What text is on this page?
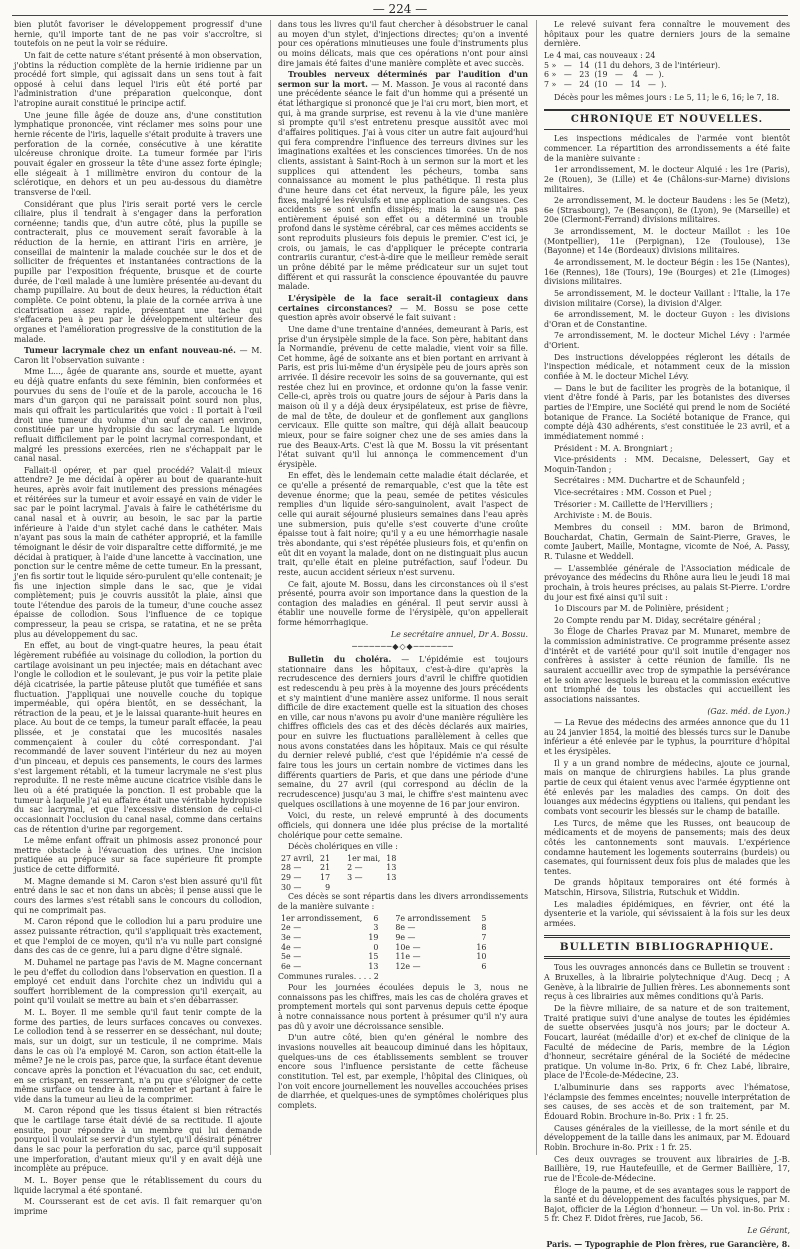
— 224 —

bien plutôt favoriser le développement progressif d'une hernie, qu'il importe tant de ne pas voir s'accroître, si toutefois on ne peut la voir se réduire.

Un fait de cette nature s'étant présenté à mon observation, j'obtins la réduction complète de la hernie iridienne par un procédé fort simple, qui agissait dans un sens tout à fait opposé à celui dans lequel l'iris eût été porté par l'administration d'une préparation quelconque, dont l'atropine aurait constitué le principe actif.

Une jeune fille âgée de douze ans, d'une constitution lymphatique prononcée, vint réclamer mes soins pour une hernie récente de l'iris, laquelle s'était produite à travers une perforation de la cornée, consécutive à une kératite ulcéreuse chronique droite. La tumeur formée par l'iris pouvait égaler en grosseur la tête d'une assez forte épingle; elle siégeait à 1 millimètre environ du contour de la sclérotique, en dehors et un peu au-dessous du diamètre transverse de l'œil.

Considérant que plus l'iris serait porté vers le cercle ciliaire, plus il tendrait à s'engager dans la perforation cornéenne; tandis que, d'un autre côté, plus la pupille se contracterait, plus ce mouvement serait favorable à la réduction de la hernie, en attirant l'iris en arrière, je conseillai de maintenir la malade couchée sur le dos et de solliciter de fréquentes et instantanées contractions de la pupille par l'exposition fréquente, brusque et de courte durée, de l'œil malade à une lumière présentée au-devant du champ pupillaire. Au bout de deux heures, la réduction était complète. Ce point obtenu, la plaie de la cornée arriva à une cicatrisation assez rapide, présentant une tache qui s'effacera peu à peu par le développement ultérieur des organes et l'amélioration progressive de la constitution de la malade.

Tumeur lacrymale chez un enfant nouveau-né. — M. Caron lit l'observation suivante :

Mme L..., âgée de quarante ans, sourde et muette, ayant eu déjà quatre enfants du sexe féminin, bien conformées et pourvues du sens de l'ouïe et de la parole, accoucha le 16 mars d'un garçon qui ne paraissait point sourd non plus, mais qui offrait les particularités que voici : Il portait à l'œil droit une tumeur du volume d'un œuf de canari environ, constituée par une hydropisie du sac lacrymal. Le liquide refluait difficilement par le point lacrymal correspondant, et malgré les pressions exercées, rien ne s'échappait par le canal nasal.

Fallait-il opérer, et par quel procédé? Valait-il mieux attendre? Je me décidai à opérer au bout de quarante-huit heures, après avoir fait inutilement des pressions ménagées et réitérées sur la tumeur et avoir essayé en vain de vider le sac par le point lacrymal. J'avais à faire le cathétérisme du canal nasal et à ouvrir, au besoin, le sac par la partie inférieure à l'aide d'un stylet caché dans le cathéter. Mais n'ayant pas sous la main de cathéter approprié, et la famille témoignant le désir de voir disparaître cette difformité, je me décidai à pratiquer, à l'aide d'une lancette à vaccination, une ponction sur le centre même de cette tumeur. En la pressant, j'en fis sortir tout le liquide séro-purulent qu'elle contenait; je fis une injection simple dans le sac, que je vidai complètement; puis je couvris aussitôt la plaie, ainsi que toute l'étendue des parois de la tumeur, d'une couche assez épaisse de collodion. Sous l'influence de ce topique compresseur, la peau se crispa, se ratatina, et ne se prêta plus au développement du sac.

En effet, au bout de vingt-quatre heures, la peau était légèrement rubéfiée au voisinage du collodion, la portion du cartilage avoisinant un peu injectée; mais en détachant avec l'ongle le collodion et le soulevant, je pus voir la petite plaie déjà cicatrisée, la partie pâteuse plutôt que tuméfiée et sans fluctuation. J'appliquai une nouvelle couche du topique imperméable, qui opéra bientôt, en se desséchant, la rétraction de la peau, et je le laissai quarante-huit heures en place. Au bout de ce temps, la tumeur paraît effacée, la peau plissée, et je constatai que les mucosités nasales commençaient à couler du côté correspondant. J'ai recommandé de laver souvent l'intérieur du nez au moyen d'un pinceau, et depuis ces pansements, le cours des larmes s'est largement rétabli, et la tumeur lacrymale ne s'est plus reproduite. Il ne reste même aucune cicatrice visible dans le lieu où a été pratiquée la ponction. Il est probable que la tumeur à laquelle j'ai eu affaire était une véritable hydropisie du sac lacrymal, et que l'excessive distension de celui-ci occasionnait l'occlusion du canal nasal, comme dans certains cas de rétention d'urine par regorgement.

Le même enfant offrait un phimosis assez prononcé pour mettre obstacle à l'évacuation des urines. Une incision pratiquée au prépuce sur sa face supérieure fit prompte justice de cette difformité.

M. Magne demande si M. Caron s'est bien assuré qu'il fût entré dans le sac et non dans un abcès; il pense aussi que le cours des larmes s'est rétabli sans le concours du collodion, qui ne comprimait pas.

M. Caron répond que le collodion lui a paru produire une assez puissante rétraction, qu'il s'appliquait très exactement, et que l'emploi de ce moyen, qu'il n'a vu nulle part consigné dans des cas de ce genre, lui a paru digne d'être signalé.

M. Duhamel ne partage pas l'avis de M. Magne concernant le peu d'effet du collodion dans l'observation en question. Il a employé cet enduit dans l'orchite chez un individu qui a souffert horriblement de la compression qu'il exerçait, au point qu'il voulait se mettre au bain et s'en débarrasser.

M. L. Boyer. Il me semble qu'il faut tenir compte de la forme des parties, de leurs surfaces concaves ou convexes. Le collodion tend à se resserrer en se desséchant, nul doute; mais, sur un doigt, sur un testicule, il ne comprime. Mais dans le cas où l'a employé M. Caron, son action était-elle la même? Je ne le crois pas, parce que, la surface étant devenue concave après la ponction et l'évacuation du sac, cet enduit, en se crispant, en resserrant, n'a pu que s'éloigner de cette même surface ou tendre à la remonter et partant à faire le vide dans la tumeur au lieu de la comprimer.

M. Caron répond que les tissus étaient si bien rétractés que le cartilage tarse était dévié de sa rectitude. Il ajoute ensuite, pour répondre à un membre qui lui demande pourquoi il voulait se servir d'un stylet, qu'il désirait pénétrer dans le sac pour la perforation du sac, parce qu'il supposait une imperforation, d'autant mieux qu'il y en avait déjà une incomplète au prépuce.

M. L. Boyer pense que le rétablissement du cours du liquide lacrymal a été spontané.

M. Coursserant est de cet avis. Il fait remarquer qu'on imprime

dans tous les livres qu'il faut chercher à désobstruer le canal au moyen d'un stylet, d'injections directes; qu'on a inventé pour ces opérations minutieuses une foule d'instruments plus ou moins délicats, mais que ces opérations n'ont pour ainsi dire jamais été faites d'une manière complète et avec succès.

Troubles nerveux déterminés par l'audition d'un sermon sur la mort. — M. Masson. Je vous ai raconté dans une précédente séance le fait d'un homme qui a présenté un état léthargique si prononcé que je l'ai cru mort, bien mort, et qui, à ma grande surprise, est revenu à la vie d'une manière si prompte qu'il s'est entretenu presque aussitôt avec moi d'affaires politiques. J'ai à vous citer un autre fait aujourd'hui qui fera comprendre l'influence des terreurs divines sur les imaginations exaltées et les consciences timorées. Un de nos clients, assistant à Saint-Roch à un sermon sur la mort et les supplices qui attendent les pécheurs, tomba sans connaissance au moment le plus pathétique. Il resta plus d'une heure dans cet état nerveux, la figure pâle, les yeux fixes, malgré les révulsifs et une application de sangsues. Ces accidents se sont enfin dissipés; mais la cause n'a pas entièrement épuisé son effet ou a déterminé un trouble profond dans le système cérébral, car ces mêmes accidents se sont reproduits plusieurs fois depuis le premier. C'est ici, je crois, ou jamais, le cas d'appliquer le précepte contraria contrariis curantur, c'est-à-dire que le meilleur remède serait un prône débité par le même prédicateur sur un sujet tout différent et qui rassurât la conscience épouvantée du pauvre malade.

L'érysipèle de la face serait-il contagieux dans certaines circonstances? — M. Bossu se pose cette question après avoir observé le fait suivant :

Une dame d'une trentaine d'années, demeurant à Paris, est prise d'un érysipèle simple de la face. Son père, habitant dans la Normandie, prévenu de cette maladie, vient voir sa fille. Cet homme, âgé de soixante ans et bien portant en arrivant à Paris, est pris lui-même d'un érysipèle peu de jours après son arrivée. Il désire recevoir les soins de sa gouvernante, qui est restée chez lui en province, et ordonne qu'on la fasse venir. Celle-ci, après trois ou quatre jours de séjour à Paris dans la maison où il y a déjà deux érysipélateux, est prise de fièvre, de mal de tête, de douleur et de gonflement aux ganglions cervicaux. Elle quitte son maître, qui déjà allait beaucoup mieux, pour se faire soigner chez une de ses amies dans la rue des Beaux-Arts. C'est là que M. Bossu la vit présentant l'état suivant qu'il lui annonça le commencement d'un érysipèle.

En effet, dès le lendemain cette maladie était déclarée, et ce qu'elle a présenté de remarquable, c'est que la tête est devenue énorme; que la peau, semée de petites vésicules remplies d'un liquide séro-sanguinolent, avait l'aspect de celle qui aurait séjourné plusieurs semaines dans l'eau après une submersion, puis qu'elle s'est couverte d'une croûte épaisse tout à fait noire; qu'il y a eu une hémorrhagie nasale très abondante, qui s'est répétée plusieurs fois, et qu'enfin on eût dit en voyant la malade, dont on ne distinguait plus aucun trait, qu'elle était en pleine putréfaction, sauf l'odeur. Du reste, aucun accident sérieux n'est survenu.

Ce fait, ajoute M. Bossu, dans les circonstances où il s'est présenté, pourra avoir son importance dans la question de la contagion des maladies en général. Il peut servir aussi à établir une nouvelle forme de l'érysipèle, qu'on appellerait forme hémorrhagique.

Le secrétaire annuel, Dr A. Bossu.

───────◆◇◆───────

Bulletin du choléra. — L'épidémie est toujours stationnaire dans les hôpitaux, c'est-à-dire qu'après la recrudescence des derniers jours d'avril le chiffre quotidien est redescendu à peu près à la moyenne des jours précédents et s'y maintient d'une manière assez uniforme. Il nous serait difficile de dire exactement quelle est la situation des choses en ville, car nous n'avons pu avoir d'une manière régulière les chiffres officiels des cas et des décès déclarés aux mairies, pour en suivre les fluctuations parallèlement à celles que nous avons constatées dans les hôpitaux. Mais ce qui résulte du dernier relevé publié, c'est que l'épidémie n'a cessé de faire tous les jours un certain nombre de victimes dans les différents quartiers de Paris, et que dans une période d'une semaine, du 27 avril (qui correspond au déclin de la recrudescence) jusqu'au 3 mai, le chiffre s'est maintenu avec quelques oscillations à une moyenne de 16 par jour environ.

Voici, du reste, un relevé emprunté à des documents officiels, qui donnera une idée plus précise de la mortalité cholérique pour cette semaine.

Décès cholériques en ville :

27 avril,	21	1er mai,	18
28 —	21	2 —	13
29 —	17	3 —	13
30 —	9		

Ces décès se sont répartis dans les divers arrondissements de la manière suivante :

1er arrondissement,	6	7e arrondissement	5
2e —	3	8e —	8
3e —	19	9e —	7
4e —	0	10e —	16
5e —	15	11e —	10
6e —	13	12e —	6

Communes rurales. . . . 2

Pour les journées écoulées depuis le 3, nous ne connaissons pas les chiffres, mais les cas de choléra graves et promptement mortels qui sont parvenus depuis cette époque à notre connaissance nous portent à présumer qu'il n'y aura pas dû y avoir une décroissance sensible.

D'un autre côté, bien qu'en général le nombre des invasions nouvelles ait beaucoup diminué dans les hôpitaux, quelques-uns de ces établissements semblent se trouver encore sous l'influence persistante de cette fâcheuse constitution. Tel est, par exemple, l'hôpital des Cliniques, où l'on voit encore journellement les nouvelles accouchées prises de diarrhée, et quelques-unes de symptômes cholériques plus complets.

Le relevé suivant fera connaître le mouvement des hôpitaux pour les quatre derniers jours de la semaine dernière.

Le 4 mai, cas nouveaux : 24
5 »   —   14  (11 du dehors, 3 de l'intérieur).
6 »   —   23  (19   —    4   —  ).
7 »   —   24  (10   —   14   —  ).

Décès pour les mêmes jours : Le 5, 11; le 6, 16; le 7, 18.

CHRONIQUE ET NOUVELLES.

Les inspections médicales de l'armée vont bientôt commencer. La répartition des arrondissements a été faite de la manière suivante :

1er arrondissement, M. le docteur Alquié : les 1re (Paris), 2e (Rouen), 3e (Lille) et 4e (Châlons-sur-Marne) divisions militaires.

2e arrondissement, M. le docteur Baudens : les 5e (Metz), 6e (Strasbourg), 7e (Besançon), 8e (Lyon), 9e (Marseille) et 20e (Clermont-Ferrand) divisions militaires.

3e arrondissement, M. le docteur Maillot : les 10e (Montpellier), 11e (Perpignan), 12e (Toulouse), 13e (Bayonne) et 14e (Bordeaux) divisions militaires.

4e arrondissement, M. le docteur Bégin : les 15e (Nantes), 16e (Rennes), 18e (Tours), 19e (Bourges) et 21e (Limoges) divisions militaires.

5e arrondissement, M. le docteur Vaillant : l'Italie, la 17e division militaire (Corse), la division d'Alger.

6e arrondissement, M. le docteur Guyon : les divisions d'Oran et de Constantine.

7e arrondissement, M. le docteur Michel Lévy : l'armée d'Orient.

Des instructions développées régleront les détails de l'inspection médicale, et notamment ceux de la mission confiée à M. le docteur Michel Lévy.

— Dans le but de faciliter les progrès de la botanique, il vient d'être fondé à Paris, par les botanistes des diverses parties de l'Empire, une Société qui prend le nom de Société botanique de France. La Société botanique de France, qui compte déjà 430 adhérents, s'est constituée le 23 avril, et a immédiatement nommé :

Président : M. A. Brongniart ;

Vice-présidents : MM. Decaisne, Delessert, Gay et Moquin-Tandon ;

Secrétaires : MM. Duchartre et de Schaunfeld ;

Vice-secrétaires : MM. Cosson et Puel ;

Trésorier : M. Caillette de l'Hervilliers ;

Archiviste : M. de Bouis.

Membres du conseil : MM. baron de Brimond, Bouchardat, Chatin, Germain de Saint-Pierre, Graves, le comte Jaubert, Maille, Montagne, vicomte de Noé, A. Passy, R. Tulasne et Weddell.

— L'assemblée générale de l'Association médicale de prévoyance des médecins du Rhône aura lieu le jeudi 18 mai prochain, à trois heures précises, au palais St-Pierre. L'ordre du jour est fixé ainsi qu'il suit :

1o Discours par M. de Polinière, président ;

2o Compte rendu par M. Diday, secrétaire général ;

3o Éloge de Charles Pravaz par M. Munaret, membre de la commission administrative. Ce programme présente assez d'intérêt et de variété pour qu'il soit inutile d'engager nos confrères à assister à cette réunion de famille. Ils ne sauraient accueillir avec trop de sympathie la persévérance et le soin avec lesquels le bureau et la commission exécutive ont triomphé de tous les obstacles qui accueillent les associations naissantes.

(Gaz. méd. de Lyon.)

— La Revue des médecins des armées annonce que du 11 au 24 janvier 1854, la moitié des blessés turcs sur le Danube inférieur a été enlevée par le typhus, la pourriture d'hôpital et les érysipèles.

Il y a un grand nombre de médecins, ajoute ce journal, mais on manque de chirurgiens habiles. La plus grande partie de ceux qui étaient venus avec l'armée égyptienne ont été enlevés par les maladies des camps. On doit des louanges aux médecins égyptiens ou italiens, qui pendant les combats vont secourir les blessés sur le champ de bataille.

Les Turcs, de même que les Russes, ont beaucoup de médicaments et de moyens de pansements; mais des deux côtés les cantonnements sont mauvais. L'expérience condamne hautement les logements souterrains (burdeis) ou casemates, qui fournissent deux fois plus de malades que les tentes.

De grands hôpitaux temporaires ont été formés à Matschin, Hirsova, Silistria, Rutschuk et Widdin.

Les maladies épidémiques, en février, ont été la dysenterie et la variole, qui sévissaient à la fois sur les deux armées.

BULLETIN BIBLIOGRAPHIQUE.

Tous les ouvrages annoncés dans ce Bulletin se trouvent : A Bruxelles, à la librairie polytechnique d'Aug. Decq ; A Genève, à la librairie de Jullien frères. Les abonnements sont reçus à ces librairies aux mêmes conditions qu'à Paris.

De la fièvre miliaire, de sa nature et de son traitement, Traité pratique suivi d'une analyse de toutes les épidémies de suette observées jusqu'à nos jours; par le docteur A. Foucart, lauréat (médaille d'or) et ex-chef de clinique de la Faculté de médecine de Paris, membre de la Légion d'honneur, secrétaire général de la Société de médecine pratique. Un volume in-8o. Prix, 6 fr. Chez Labé, libraire, place de l'École-de-Médecine, 23.

L'albuminurie dans ses rapports avec l'hématose, l'éclampsie des femmes enceintes; nouvelle interprétation de ses causes, de ses accès et de son traitement, par M. Édouard Robin. Brochure in-8o. Prix : 1 fr. 25.

Causes générales de la vieillesse, de la mort sénile et du développement de la taille dans les animaux, par M. Édouard Robin. Brochure in-8o. Prix : 1 fr. 25.

Ces deux ouvrages se trouvent aux librairies de J.-B. Baillière, 19, rue Hautefeuille, et de Germer Baillière, 17, rue de l'École-de-Médecine.

Éloge de la paume, et de ses avantages sous le rapport de la santé et du développement des facultés physiques, par M. Bajot, officier de la Légion d'honneur. — Un vol. in-8o. Prix : 5 fr. Chez F. Didot frères, rue Jacob, 56.

Le Gérant,

Paris. — Typographie de Plon frères, rue Garancière, 8.
